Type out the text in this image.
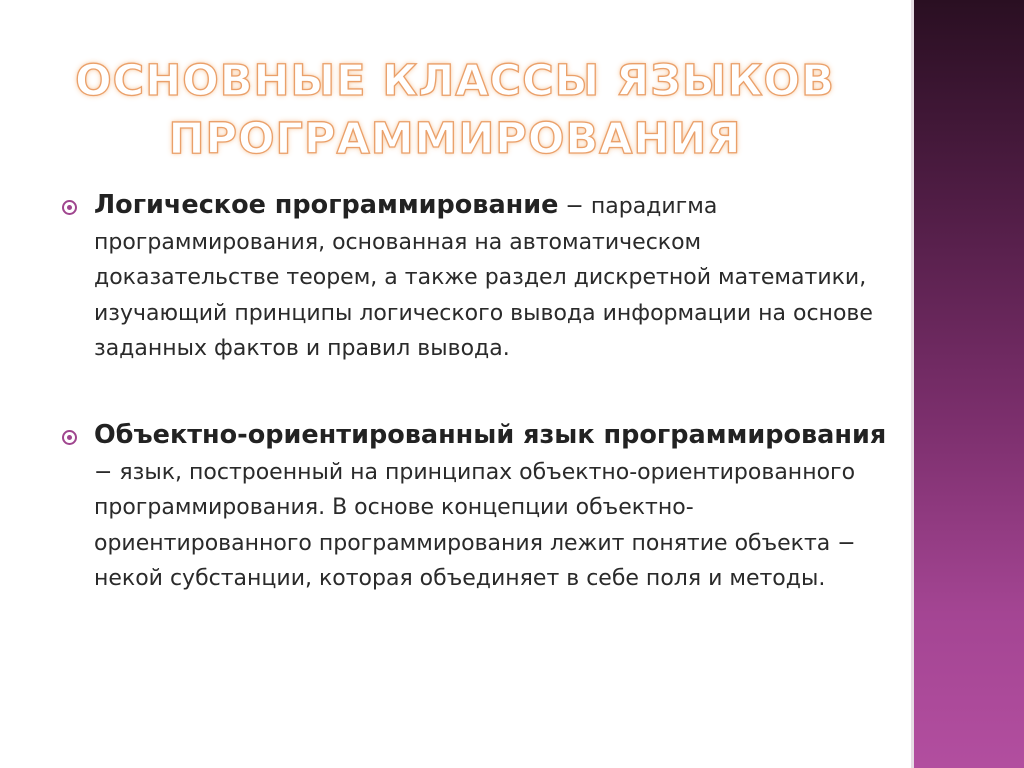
ОСНОВНЫЕ КЛАССЫ ЯЗЫКОВ ПРОГРАММИРОВАНИЯ

Логическое программирование − парадигма программирования, основанная на автоматическом доказательстве теорем, а также раздел дискретной математики, изучающий принципы логического вывода информации на основе заданных фактов и правил вывода.

Объектно-ориентированный язык программирования − язык, построенный на принципах объектно-ориентированного программирования. В основе концепции объектно-ориентированного программирования лежит понятие объекта − некой субстанции, которая объединяет в себе поля и методы.
